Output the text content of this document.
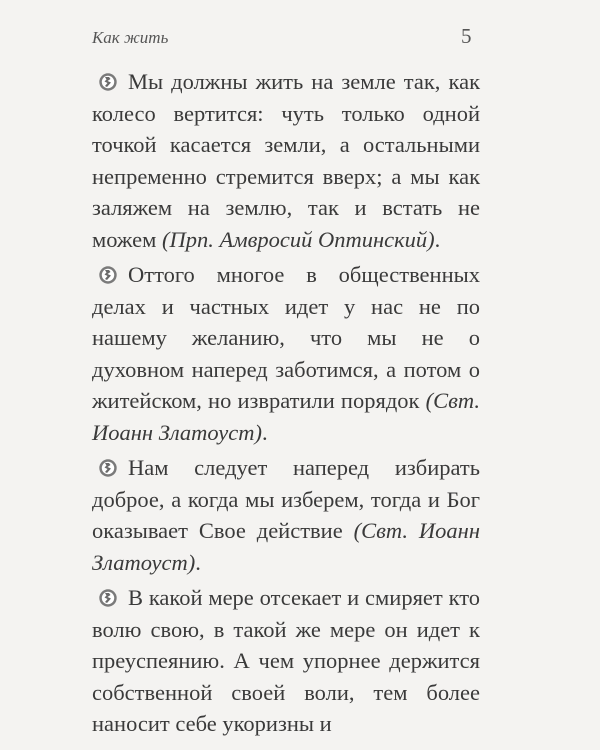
Как жить	5

Мы должны жить на земле так, как колесо вертится: чуть только одной точкой касается земли, а остальными непременно стремится вверх; а мы как заляжем на землю, так и встать не можем (Прп. Амвросий Оптинский).

Оттого многое в общественных делах и частных идет у нас не по нашему желанию, что мы не о духовном наперед заботимся, а потом о житейском, но извратили порядок (Свт. Иоанн Златоуст).

Нам следует наперед избирать доброе, а когда мы изберем, тогда и Бог оказывает Свое действие (Свт. Иоанн Златоуст).

В какой мере отсекает и смиряет кто волю свою, в такой же мере он идет к преуспеянию. А чем упорнее держится собственной своей воли, тем более наносит себе укоризны и
